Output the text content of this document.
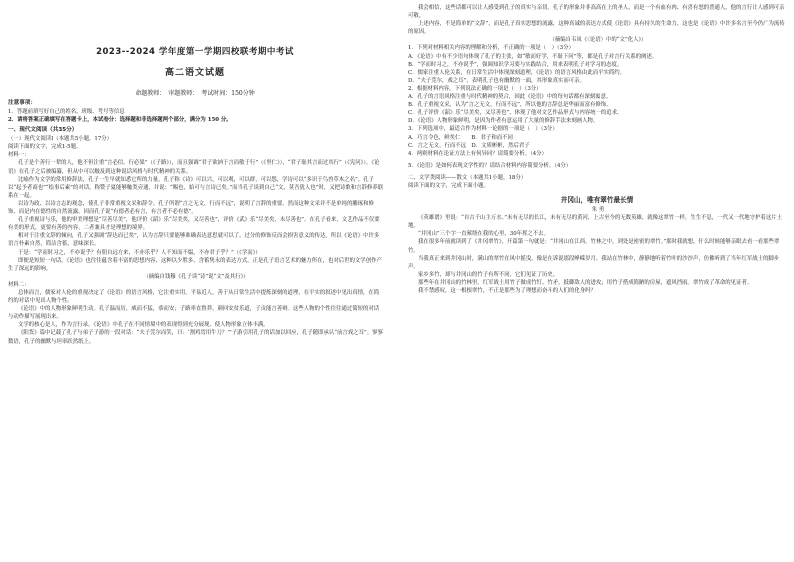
2023--2024 学年度第一学期四校联考期中考试
高二语文试题
命题教师：　审题教师：　考试时间：150分钟
注意事项：
1．答题前填写好自己的姓名、班级、考号等信息
2．请将答案正确填写在答题卡上，本试卷分：选择题和非选择题两个部分，满分为 150 分。
一、现代文阅读（共35分）
（一）现代文阅读Ⅰ（本题共5小题，17分）
阅读下面的文字，完成1-5题。
材料一：
孔子是个善行一辈的人，他不但注重“言必信，行必果”（《子路》），而且强调“君子欲讷于言而敏于行”（《里仁》），“君子耻其言而过其行”（《宪问》）。《论语》在孔子之后被编纂，但从中可以触及到这种说话风格与时代精神的关系。
比喻作为文学的常用修辞法，孔子一生早就知悉它所的力量。孔子称《诗》可以兴，可以观，可以群，可以怨，学诗可以“多识于鸟兽草木之名”。孔子以“起予者商也”“绘事后素”的对话，称赞子夏能够触类旁通，并说：“赐也，始可与言诗已矣。”而当孔子谈到自己“文，莫吾犹人也”时，又把诗歌和言辞修养联系在一起。
以诗为政、以诗言志的观念，使孔子非常重视文采和辞令。孔子所谓“言之无文，行而不远”，说明了言辞的重要。然而这种文采并不是单纯的雕琢和修饰，而是内在德性的自然流露，因而孔子说“有德者必有言，有言者不必有德”。
孔子重视诗与乐，他的审美理想是“尽善尽美”，他评价《韶》乐“尽美矣，又尽善也”，评价《武》乐“尽美矣，未尽善也”。在孔子看来，文艺作品不仅要有美的形式，更要有善的内容，二者兼具才是理想的境界。
相对于注重文辞的倾向，孔子又强调“辞达而已矣”，认为言辞只要能够准确表达意思就可以了，过分的修饰反而会损害意义的传达。所以《论语》中许多语言朴素自然，简洁含蓄，意味深长。
于是：“学而时习之，不亦说乎？有朋自远方来，不亦乐乎？人不知而不愠，不亦君子乎？”（《学而》）
即便是短短一句话，《论语》也往往蕴含着丰富的思想内容，这种以少胜多、含蓄隽永的表达方式，正是孔子语言艺术的魅力所在，也对后世的文学创作产生了深远的影响。
（摘编自钱穆《孔子谈“诗”说“文”及其行》）
材料二：
总体而言，儒家对人伦的重视决定了《论语》的语言风格，它注重实用，平易近人，善于从日常生活中提炼深刻的道理，在平实的叙述中见出真情，在简约的对话中见出人物个性。
《论语》中的人物形象鲜明生动。孔子温而厉，威而不猛，恭而安；子路率直鲁莽，颜回安贫乐道，子贡能言善辩。这些人物的个性往往通过简短的对话与动作描写展现出来。
文学的核心是人，作为言行录，《论语》中孔子在不同情境中的表现得到充分展现，使人物形象立体丰满。
《阳货》篇中记载了孔子与弟子子游的一段对话：“夫子莞尔而笑，曰：‘割鸡焉用牛刀？’”子游引用孔子的话加以回应，孔子随即承认“前言戏之耳”。寥寥数语，孔子的幽默与坦率跃然纸上。
我会相信，这些话都可以让人感受到孔子的真实与亲切。孔子的形象并非高高在上的圣人，而是一个有血有肉、有喜有怒的普通人，他的言行让人感到可亲可敬。
上述内容，不是简单的“文辞”，而是孔子真实思想的流露，这种真诚的表达方式使《论语》具有持久的生命力，这也是《论语》中许多名言至今仍广为流传的原因。
（摘编自韦凤《〈论语〉中的“文”化人》）
1．下列对材料相关内容的理解和分析，不正确的一项是（　）（3分）
A．《论语》中有不少语句体现了孔子的主张，如“敏而好学，不耻下问”等，都是孔子对言行关系的阐述。
B．“学而时习之，不亦说乎”，强调知识学习要与实践结合，用来表明孔子对学习的态度。
C．儒家注重人伦关系，在日常生活中体现深刻道理，《论语》的语言风格由此而平实简约。
D．“夫子莞尔，戏之耳”，表明孔子也有幽默的一面，其形象真实而可亲。
2．根据材料内容，下列说法正确的一项是（　）（3分）
A．孔子的言语风格注重与时代精神的契合，因此《论语》中的每句话都有深刻寓意。
B．孔子重视文采，认为“言之无文，行而不远”，所以他的言辞总是华丽而富有修饰。
C．孔子评价《韶》乐“尽美矣，又尽善也”，体现了他对文艺作品形式与内容统一的追求。
D．《论语》人物形象鲜明，是因为作者有意运用了大量的修辞手法来刻画人物。
3．下列选项中，最适合作为材料一论据的一项是（　）（3分）
A．巧言令色，鲜矣仁　　B．君子和而不同
C．言之无文，行而不远　D．文质彬彬，然后君子
4．两则材料在论证方法上有何异同？请简要分析。（4分）
5．《论语》是如何表现文学性的？请结合材料内容简要分析。（4分）
二、文学类阅读——散文（本题共1小题，18分）
阅读下面的文字，完成下面小题。
井冈山，唯有翠竹最长情
朱 勇
《英雄谱》里说：“自古千山主万水。”未有无尽的长江，未有无尽的黄河，上古至今的无数英雄，就像这翠竹一样，生生不息，一代又一代地守护着这片土地。
“井冈山”三个字一直萦绕在我的心里，30年挥之不去。
我在很多年前就读到了《井冈翠竹》，开篇第一句就是：“井冈山在江西，竹林之中，到处是密密的翠竹。”那时我就想，什么时候能够亲眼去看一看那些翠竹。
当我真正来到井冈山时，满山的翠竹在风中摇曳，像是在诉说那段峥嵘岁月。我站在竹林中，静静地听着竹叶的沙沙声，仿佛听到了当年红军战士的脚步声。
家乡多竹，却与井冈山的竹子有所不同，它们见证了历史。
那些年在井冈山的竹林里，红军战士用竹子做成竹钉、竹矛，抵御敌人的进攻；用竹子搭成简陋的房屋，遮风挡雨。翠竹成了革命的见证者。
我不禁感叹，这一根根翠竹，不正是那些为了理想而奋斗的人们的化身吗？
